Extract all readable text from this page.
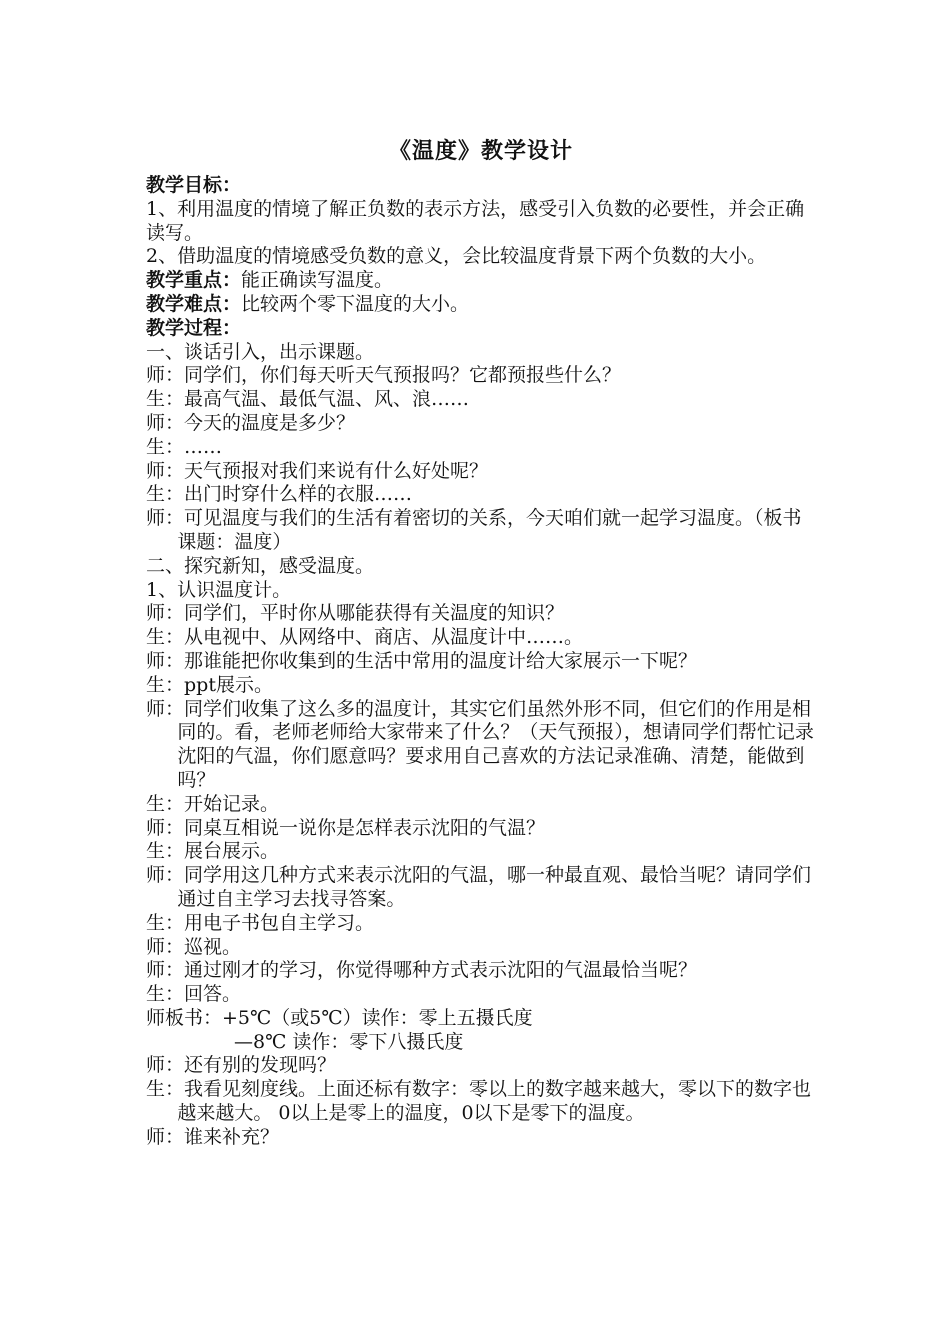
《温度》教学设计
教学目标：
1、利用温度的情境了解正负数的表示方法，感受引入负数的必要性，并会正确读写。
2、借助温度的情境感受负数的意义，会比较温度背景下两个负数的大小。
教学重点：能正确读写温度。
教学难点：比较两个零下温度的大小。
教学过程：
一、谈话引入，出示课题。
师：同学们，你们每天听天气预报吗？它都预报些什么？
生：最高气温、最低气温、风、浪……
师：今天的温度是多少？
生：……
师：天气预报对我们来说有什么好处呢？
生：出门时穿什么样的衣服……
师：可见温度与我们的生活有着密切的关系，今天咱们就一起学习温度。（板书课题：温度）
二、探究新知，感受温度。
1、认识温度计。
师：同学们，平时你从哪能获得有关温度的知识？
生：从电视中、从网络中、商店、从温度计中……。
师：那谁能把你收集到的生活中常用的温度计给大家展示一下呢？
生：ppt展示。
师：同学们收集了这么多的温度计，其实它们虽然外形不同，但它们的作用是相同的。看，老师老师给大家带来了什么？（天气预报），想请同学们帮忙记录沈阳的气温，你们愿意吗？要求用自己喜欢的方法记录准确、清楚，能做到吗？
生：开始记录。
师：同桌互相说一说你是怎样表示沈阳的气温？
生：展台展示。
师：同学用这几种方式来表示沈阳的气温，哪一种最直观、最恰当呢？请同学们通过自主学习去找寻答案。
生：用电子书包自主学习。
师：巡视。
师：通过刚才的学习，你觉得哪种方式表示沈阳的气温最恰当呢？
生：回答。
师板书：+5℃（或5℃）读作：零上五摄氏度
—8℃ 读作：零下八摄氏度
师：还有别的发现吗？
生：我看见刻度线。上面还标有数字：零以上的数字越来越大，零以下的数字也越来越大。 0以上是零上的温度，0以下是零下的温度。
师：谁来补充？
